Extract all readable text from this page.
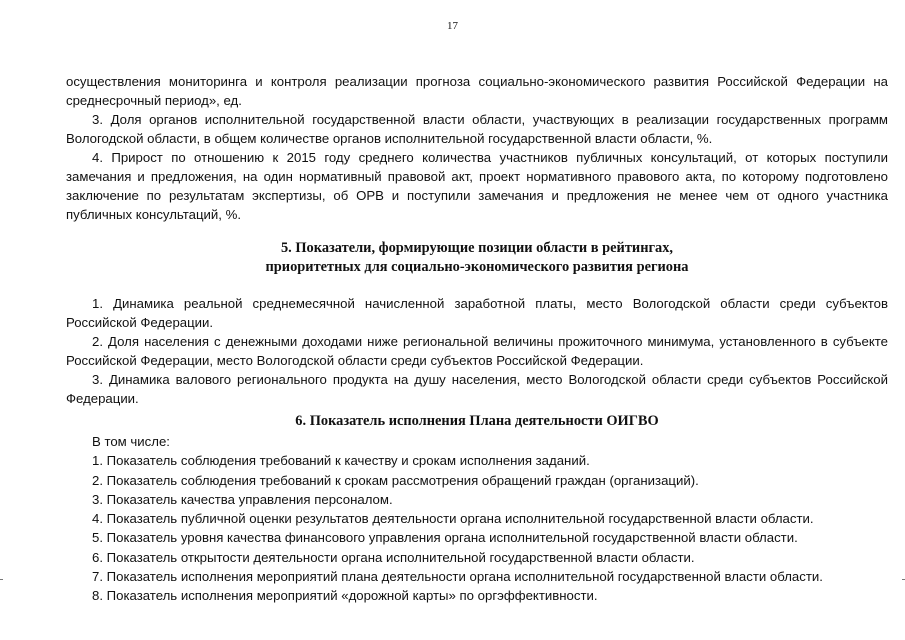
17

осуществления мониторинга и контроля реализации прогноза социально-экономического развития Российской Федерации на среднесрочный период», ед.

3. Доля органов исполнительной государственной власти области, участвующих в реализации государственных программ Вологодской области, в общем количестве органов исполнительной государственной власти области, %.

4. Прирост по отношению к 2015 году среднего количества участников публичных консультаций, от которых поступили замечания и предложения, на один нормативный правовой акт, проект нормативного правового акта, по которому подготовлено заключение по результатам экспертизы, об ОРВ и поступили замечания и предложения не менее чем от одного участника публичных консультаций, %.

5. Показатели, формирующие позиции области в рейтингах,
приоритетных для социально-экономического развития региона

1. Динамика реальной среднемесячной начисленной заработной платы, место Вологодской области среди субъектов Российской Федерации.

2. Доля населения с денежными доходами ниже региональной величины прожиточного минимума, установленного в субъекте Российской Федерации, место Вологодской области среди субъектов Российской Федерации.

3. Динамика валового регионального продукта на душу населения, место Вологодской области среди субъектов Российской Федерации.

6. Показатель исполнения Плана деятельности ОИГВО

В том числе:

1. Показатель соблюдения требований к качеству и срокам исполнения заданий.

2. Показатель соблюдения требований к срокам рассмотрения обращений граждан (организаций).

3. Показатель качества управления персоналом.

4. Показатель публичной оценки результатов деятельности органа исполнительной государственной власти области.

5. Показатель уровня качества финансового управления органа исполнительной государственной власти области.

6. Показатель открытости деятельности органа исполнительной государственной власти области.

7. Показатель исполнения мероприятий плана деятельности органа исполнительной государственной власти области.

8. Показатель исполнения мероприятий «дорожной карты» по оргэффективности.
